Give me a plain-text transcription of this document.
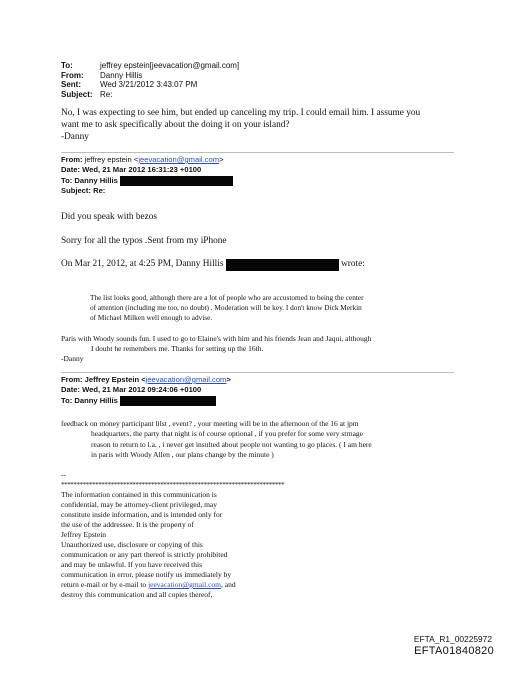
To:	jeffrey epstein[jeevacation@gmail.com]
From:	Danny Hillis
Sent:	Wed 3/21/2012 3:43:07 PM
Subject: Re:
No, I was expecting to see him, but ended up canceling my trip. I could email him. I assume you
want me to ask specifically about the doing it on your island?
-Danny
From:
jeffrey epstein < jeevacation@gmail.com >
Date:
Wed, 21 Mar 2012 16:31:23 +0100
To:
Danny Hillis

Subject:
Re:
Did you speak with bezos
Sorry for all the typos .Sent from my iPhone
On Mar 21, 2012, at 4:25 PM, Danny Hillis

	wrote:
The list looks good, although there are a lot of people who are accustomed to being the center
of attention (including me too, no doubt) . Moderation will be key. I don't know Dick Merkin
of Michael Milken well enough to advise.
Paris with Woody sounds fun. I used to go to Elaine's with him and his friends Jean and Jaqui, although
I doubt he remembers me. Thanks for setting up the 16th.
-Danny
From:
Jeffrey Epstein < jeevacation@gmail.com >
Date:
Wed, 21 Mar 2012 09:24:06 +0100
To:
Danny Hillis

feedback on money participant lilst , event? , your meeting will be in the afternoon of the 16 at jpm
headquarters, the party that night is of course optional , if you prefer for some very strnage
reason to return to l.a. , i never get insulted about people not wanting to go places. ( I am here
in paris with Woody Allen , our plans change by the minute )
--
************************************************************************
The information contained in this communication is
confidential, may be attorney-client privileged, may
constitute inside information, and is intended only for
the use of the addressee. It is the property of
Jeffrey Epstein
Unauthorized use, disclosure or copying of this
communication or any part thereof is strictly prohibited
and may be unlawful. If you have received this
communication in error, please notify us immediately by
return e-mail or by e-mail to jeevacation@gmail.com, and
destroy this communication and all copies thereof,
EFTA_R1_00225972
EFTA01840820
